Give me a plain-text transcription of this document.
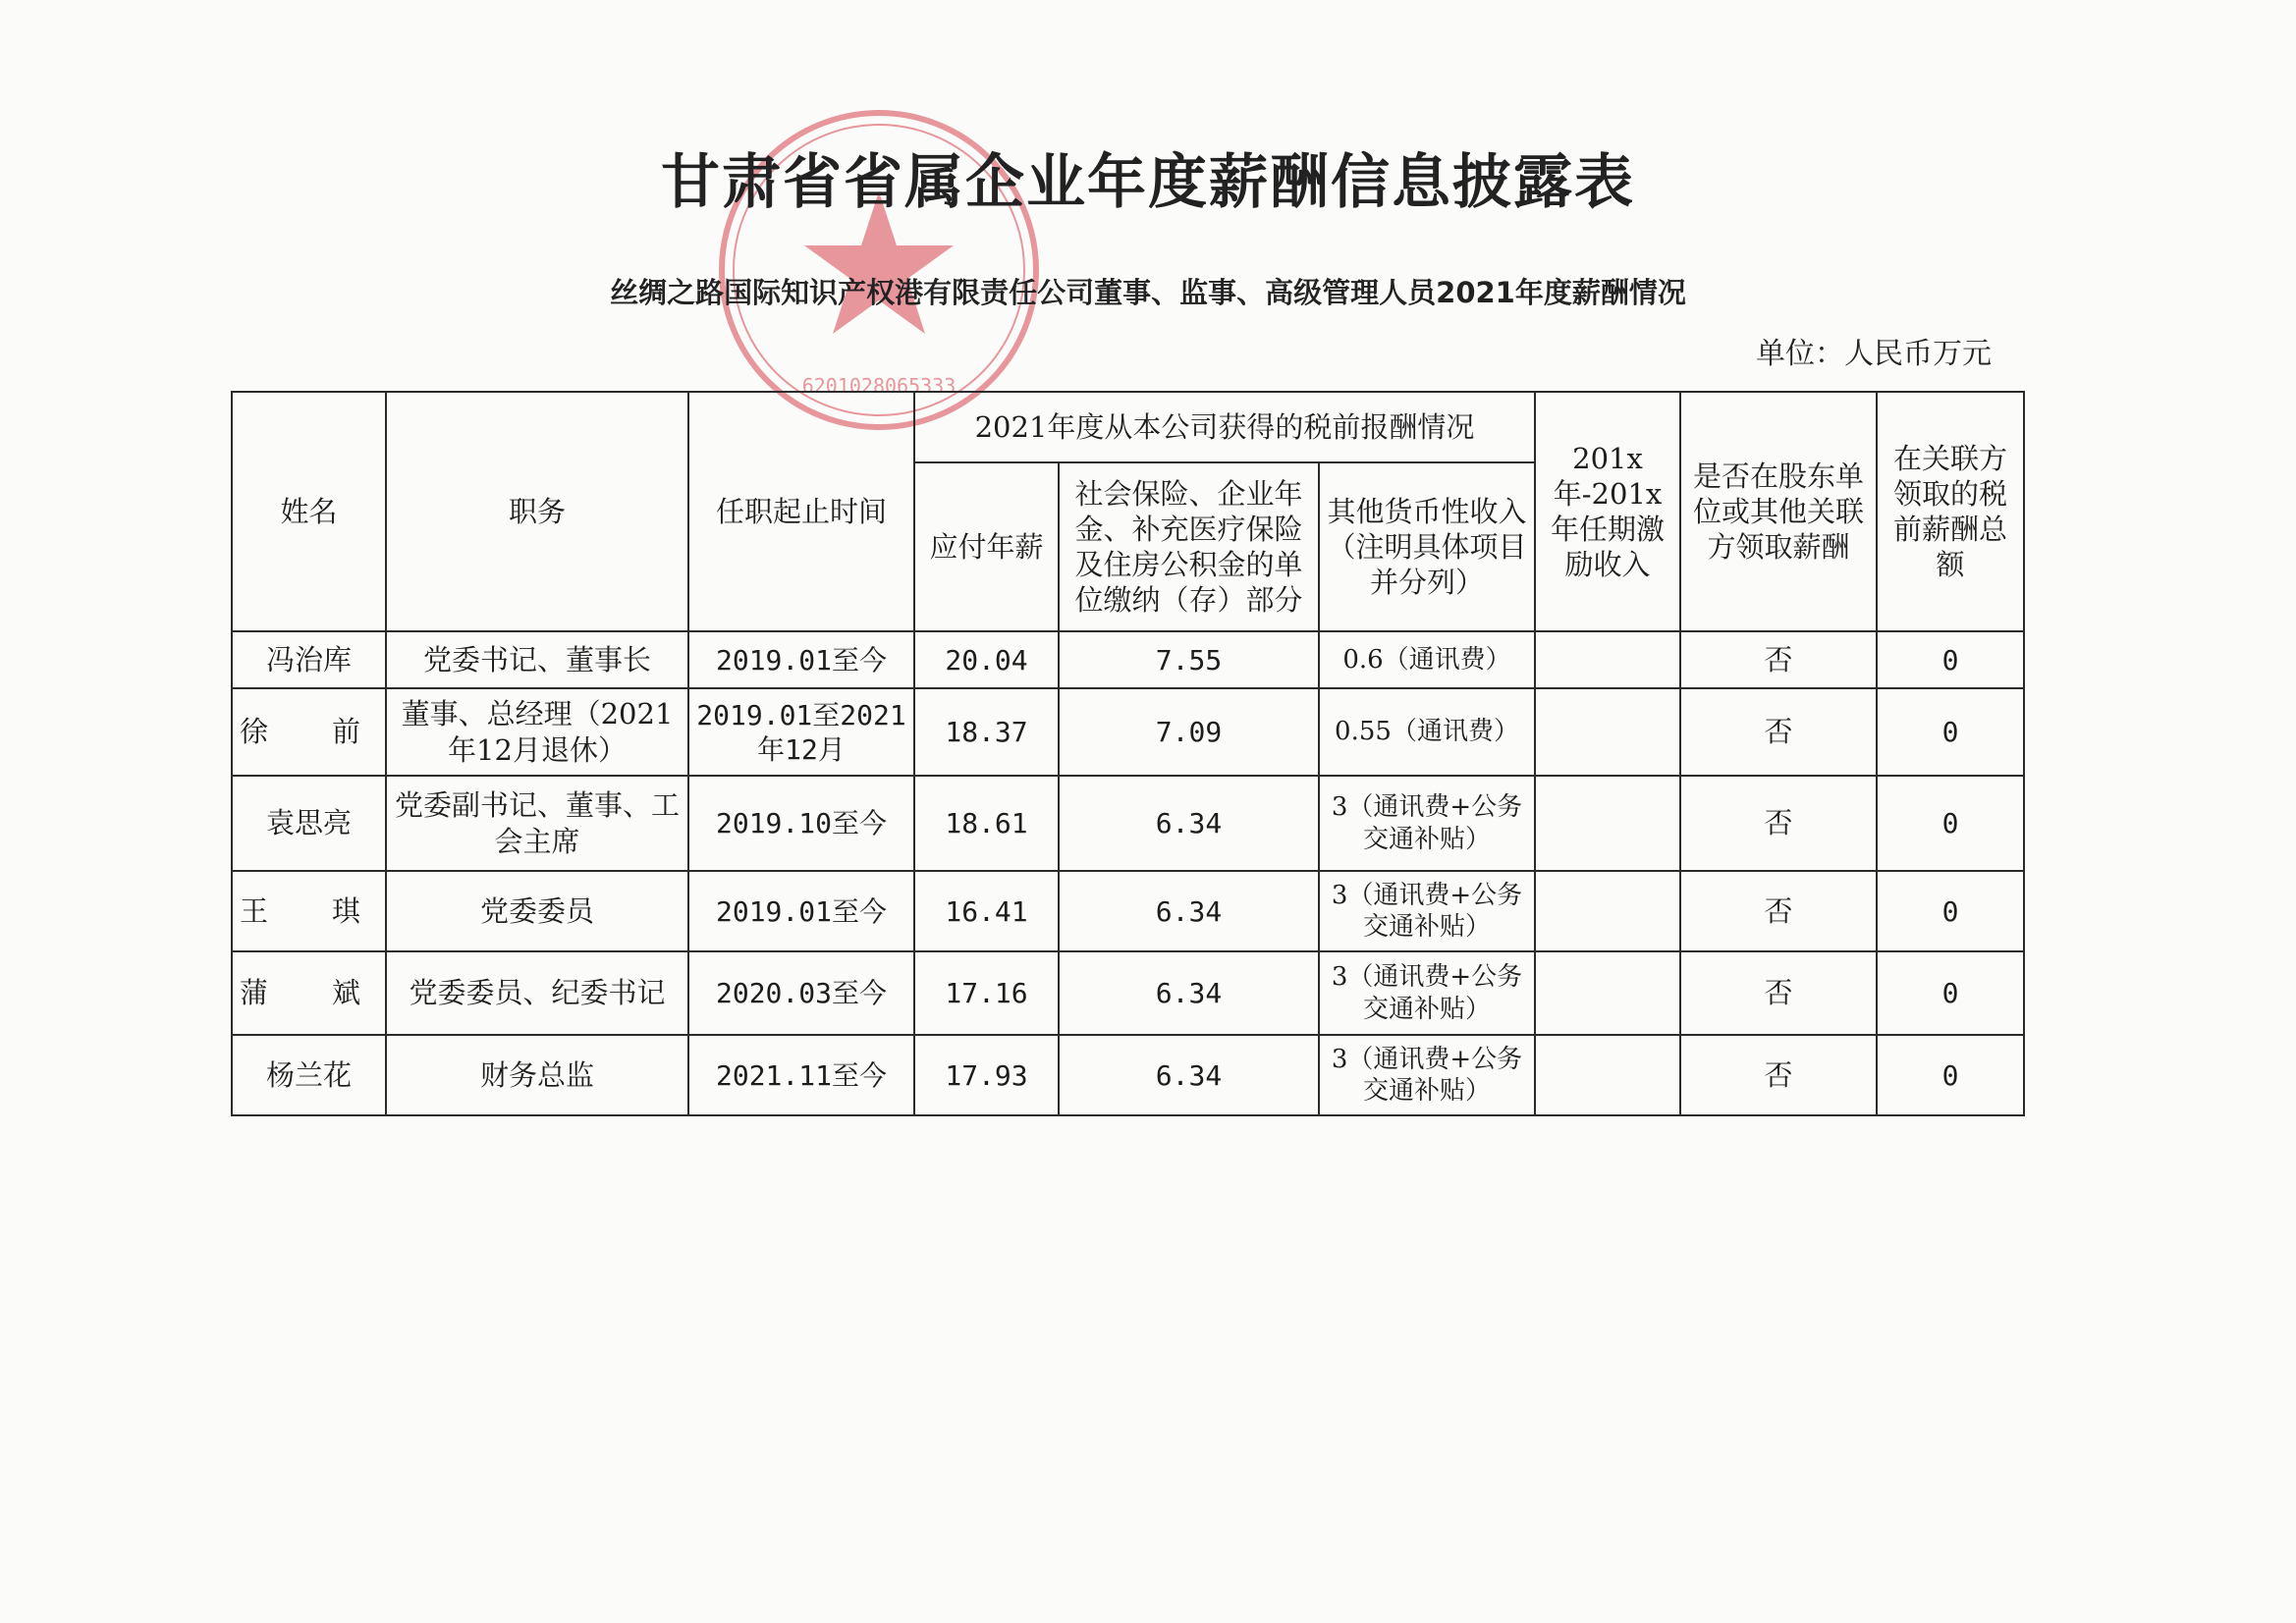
6201028065333
甘肃省省属企业年度薪酬信息披露表
丝绸之路国际知识产权港有限责任公司董事、监事、高级管理人员2021年度薪酬情况
单位：人民币万元
姓名	职务	任职起止时间	2021年度从本公司获得的税前报酬情况			201x年-201x年任期激励收入	是否在股东单位或其他关联方领取薪酬	在关联方领取的税前薪酬总额
			应付年薪	社会保险、企业年金、补充医疗保险及住房公积金的单位缴纳（存）部分	其他货币性收入 （注明具体项目并分列）			
冯治库	党委书记、董事长	2019.01至今	20.04	7.55	0.6（通讯费）		否	0
徐　前	董事、总经理（2021年12月退休）	2019.01至2021年12月	18.37	7.09	0.55（通讯费）		否	0
袁思亮	党委副书记、董事、工会主席	2019.10至今	18.61	6.34	3（通讯费+公务交通补贴）		否	0
王　琪	党委委员	2019.01至今	16.41	6.34	3（通讯费+公务交通补贴）		否	0
蒲　斌	党委委员、纪委书记	2020.03至今	17.16	6.34	3（通讯费+公务交通补贴）		否	0
杨兰花	财务总监	2021.11至今	17.93	6.34	3（通讯费+公务交通补贴）		否	0
